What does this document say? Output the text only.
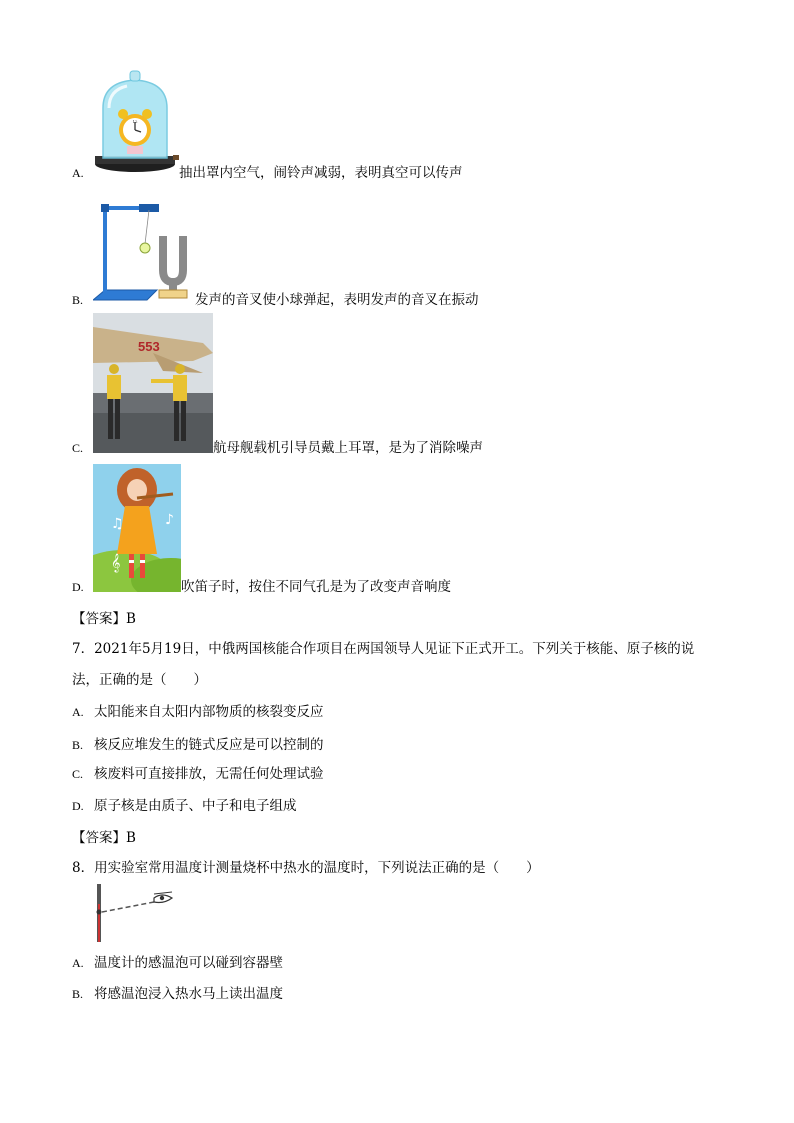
12
A.	抽出罩内空气，闹铃声减弱，表明真空可以传声
B.	发声的音叉使小球弹起，表明发声的音叉在振动
553
C.	航母舰载机引导员戴上耳罩，是为了消除噪声
♪
♫
𝄞
D.	吹笛子时，按住不同气孔是为了改变声音响度
【答案】B
7．2021年5月19日，中俄两国核能合作项目在两国领导人见证下正式开工。下列关于核能、原子核的说
法，正确的是（　　）
A. 太阳能来自太阳内部物质的核裂变反应
B. 核反应堆发生的链式反应是可以控制的
C. 核废料可直接排放，无需任何处理试验
D. 原子核是由质子、中子和电子组成
【答案】B
8．用实验室常用温度计测量烧杯中热水的温度时，下列说法正确的是（　　）
A. 温度计的感温泡可以碰到容器壁
B. 将感温泡浸入热水马上读出温度
